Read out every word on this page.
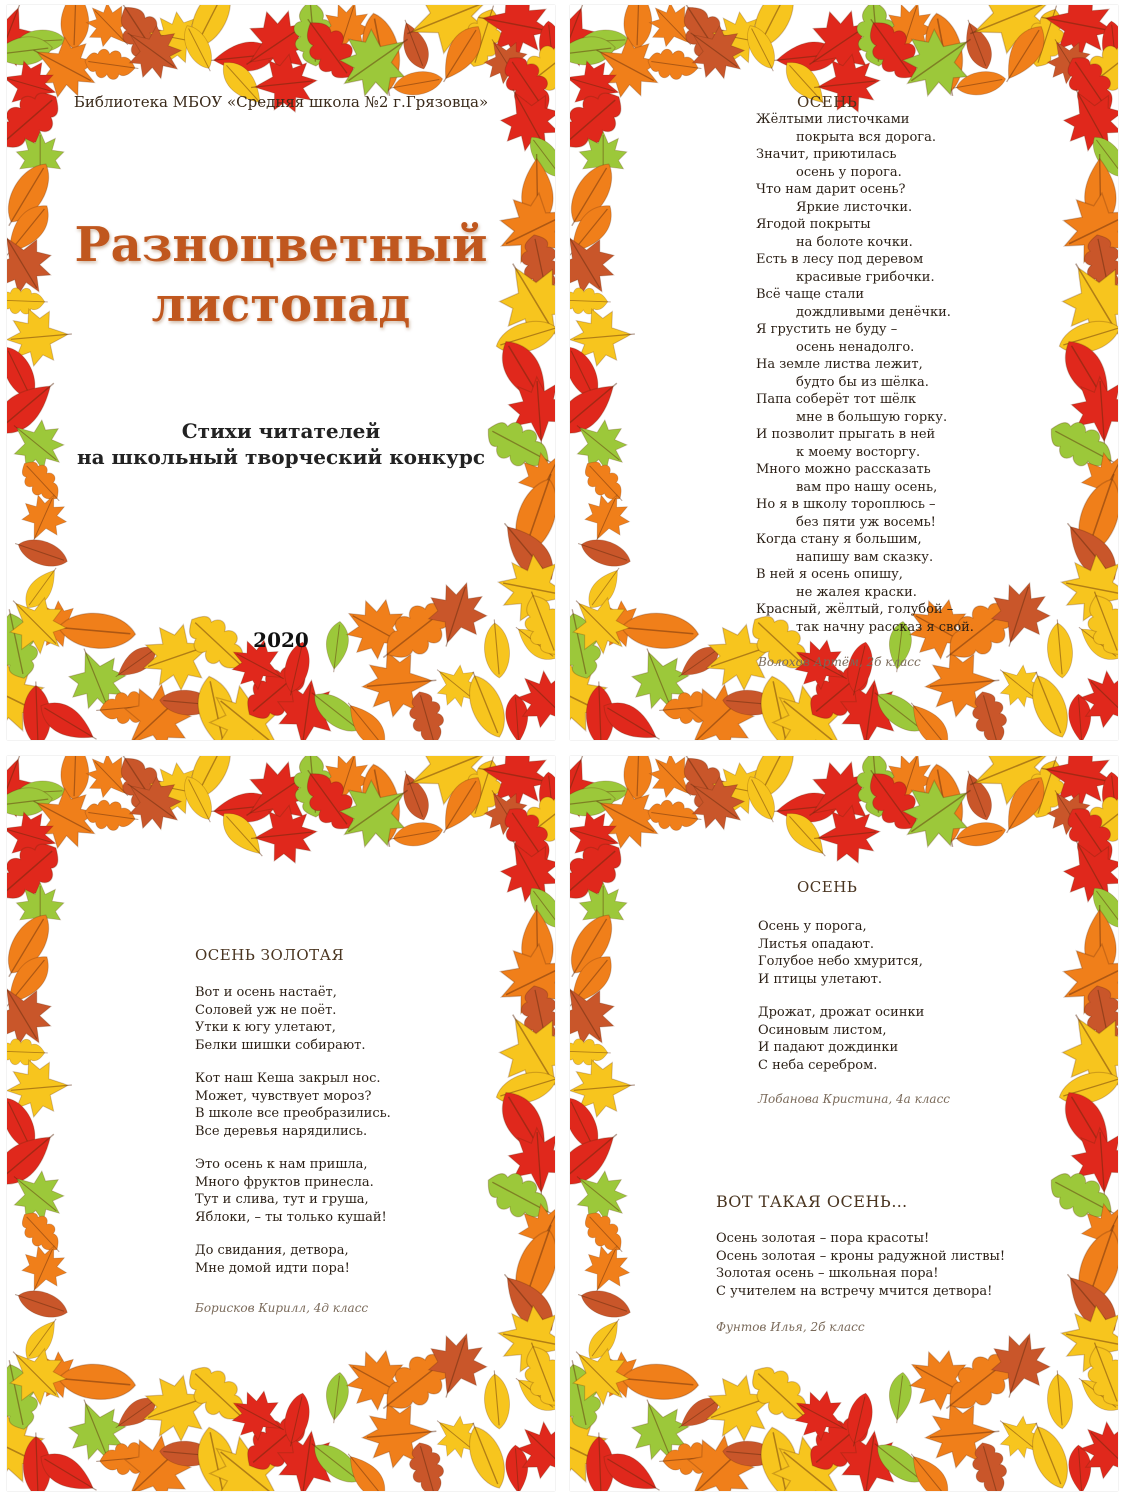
Библиотека МБОУ «Средняя школа №2 г.Грязовца»
Разноцветный
листопад
Стихи читателей
на школьный творческий конкурс
2020
ОСЕНЬ
Жёлтыми листочками
покрыта вся дорога.
Значит, приютилась
осень у порога.
Что нам дарит осень?
Яркие листочки.
Ягодой покрыты
на болоте кочки.
Есть в лесу под деревом
красивые грибочки.
Всё чаще стали
дождливыми денёчки.
Я грустить не буду –
осень ненадолго.
На земле листва лежит,
будто бы из шёлка.
Папа соберёт тот шёлк
мне в большую горку.
И позволит прыгать в ней
к моему восторгу.
Много можно рассказать
вам про нашу осень,
Но я в школу тороплюсь –
без пяти уж восемь!
Когда стану я большим,
напишу вам сказку.
В ней я осень опишу,
не жалея краски.
Красный, жёлтый, голубой –
так начну рассказ я свой.
Волохов Артём, 2б класс
ОСЕНЬ ЗОЛОТАЯ
Вот и осень настаёт,
Соловей уж не поёт.
Утки к югу улетают,
Белки шишки собирают.
Кот наш Кеша закрыл нос.
Может, чувствует мороз?
В школе все преобразились.
Все деревья нарядились.
Это осень к нам пришла,
Много фруктов принесла.
Тут и слива, тут и груша,
Яблоки, – ты только кушай!
До свидания, детвора,
Мне домой идти пора!
Борисков Кирилл, 4д класс
ОСЕНЬ
Осень у порога,
Листья опадают.
Голубое небо хмурится,
И птицы улетают.
Дрожат, дрожат осинки
Осиновым листом,
И падают дождинки
С неба серебром.
Лобанова Кристина, 4а класс
ВОТ ТАКАЯ ОСЕНЬ…
Осень золотая – пора красоты!
Осень золотая – кроны радужной листвы!
Золотая осень – школьная пора!
С учителем на встречу мчится детвора!
Фунтов Илья, 2б класс
